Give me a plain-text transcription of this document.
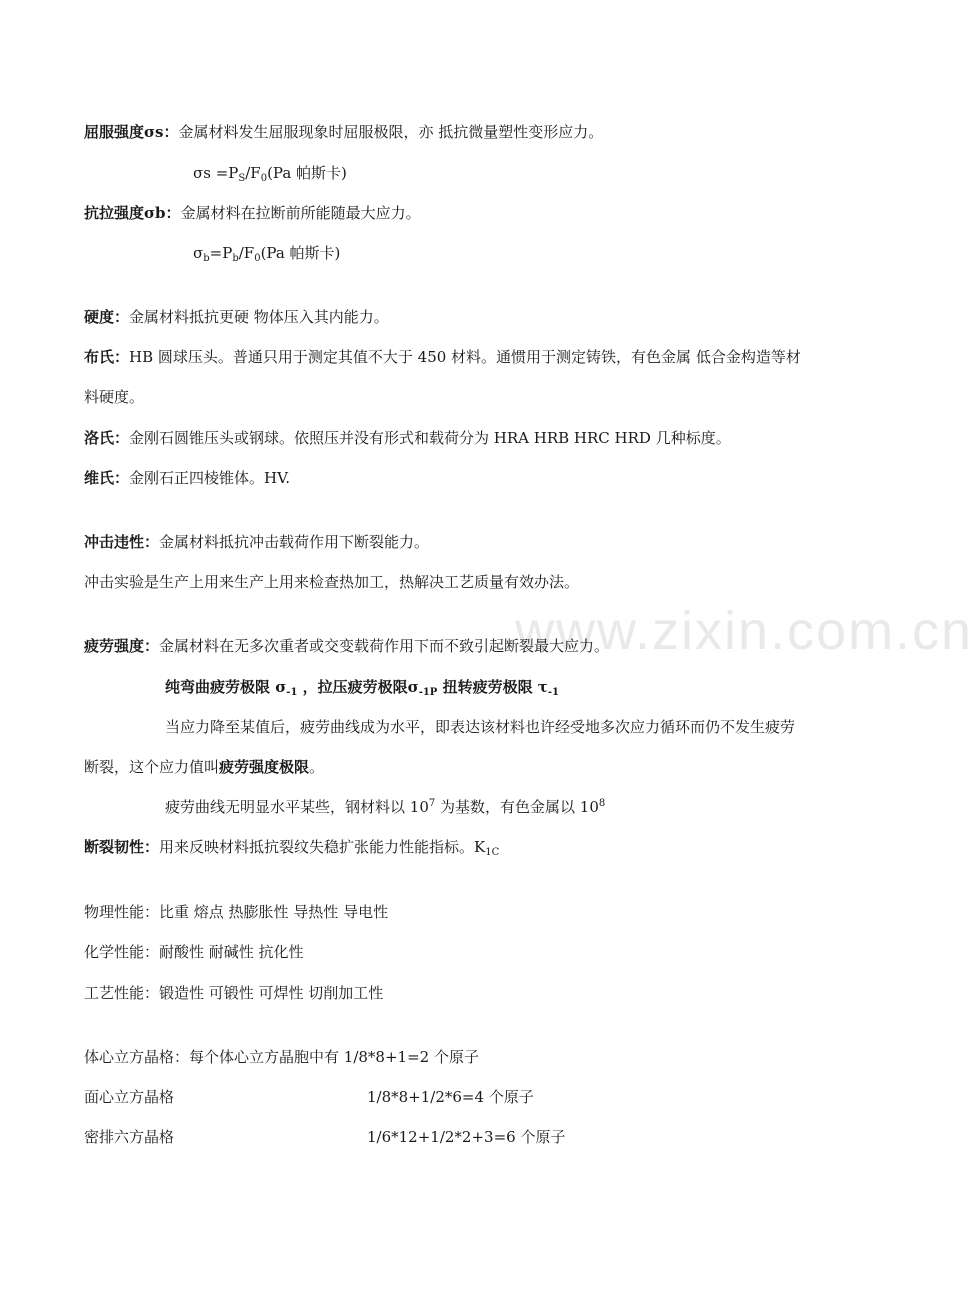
www.zixin.com.cn
屈服强度σs：金属材料发生屈服现象时屈服极限，亦 抵抗微量塑性变形应力。
$\sigma s =P_S/F_0(Pa$ 帕斯卡)
抗拉强度σb：金属材料在拉断前所能随最大应力。
$\sigma_b=P_b/F_0(Pa$ 帕斯卡)
硬度：金属材料抵抗更硬 物体压入其内能力。
布氏：HB 圆球压头。普通只用于测定其值不大于 450 材料。通惯用于测定铸铁，有色金属 低合金构造等材
料硬度。
洛氏：金刚石圆锥压头或钢球。依照压并没有形式和载荷分为 HRA HRB HRC HRD 几种标度。
维氏：金刚石正四棱锥体。HV.
冲击违性：金属材料抵抗冲击载荷作用下断裂能力。
冲击实验是生产上用来生产上用来检查热加工，热解决工艺质量有效办法。
疲劳强度：金属材料在无多次重者或交变载荷作用下而不致引起断裂最大应力。
纯弯曲疲劳极限 $\sigma_{-1}$ ，拉压疲劳极限$\sigma_{-1P}$ 扭转疲劳极限 $\tau_{-1}$
当应力降至某值后，疲劳曲线成为水平，即表达该材料也许经受地多次应力循环而仍不发生疲劳
断裂，这个应力值叫疲劳强度极限。
疲劳曲线无明显水平某些，钢材料以 $10^7$ 为基数，有色金属以 $10^8$
断裂韧性：用来反映材料抵抗裂纹失稳扩张能力性能指标。$K_{1C}$
物理性能：比重 熔点 热膨胀性 导热性 导电性
化学性能：耐酸性 耐碱性 抗化性
工艺性能：锻造性 可锻性 可焊性 切削加工性
体心立方晶格：每个体心立方晶胞中有 1/8*8+1=2 个原子
面心立方晶格	1/8*8+1/2*6=4 个原子
密排六方晶格	1/6*12+1/2*2+3=6 个原子
